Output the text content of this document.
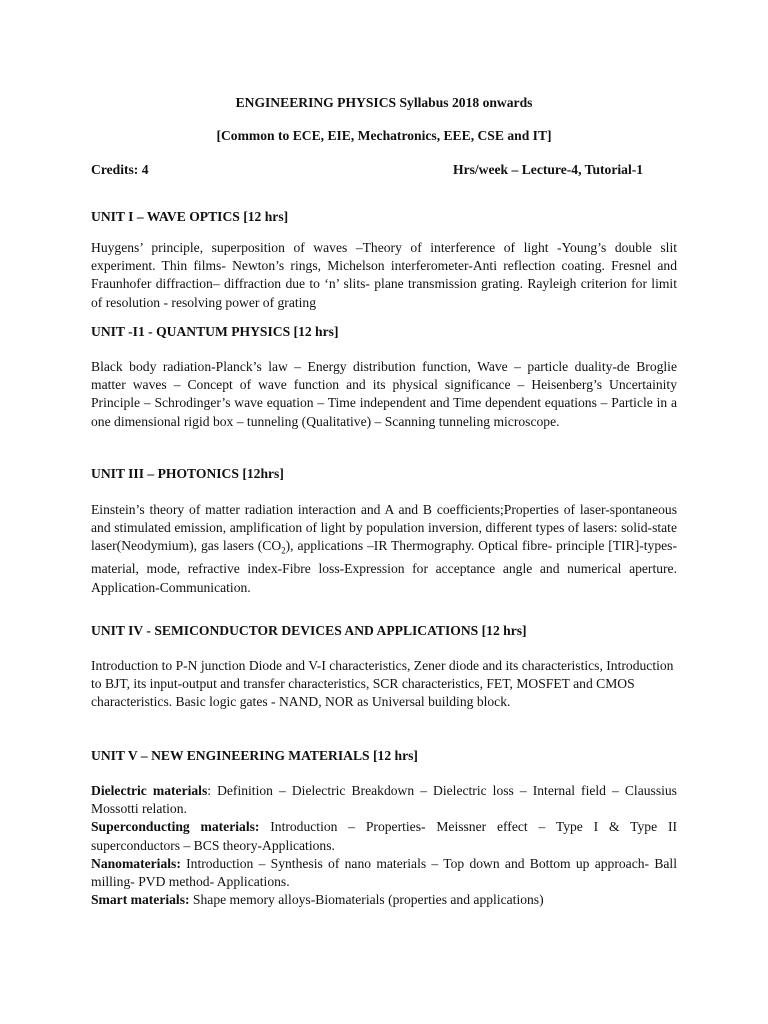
ENGINEERING PHYSICS Syllabus 2018 onwards
[Common to ECE, EIE, Mechatronics, EEE, CSE and IT]
Credits: 4	Hrs/week – Lecture-4, Tutorial-1
UNIT I – WAVE OPTICS [12 hrs]
Huygens’ principle, superposition of waves –Theory of interference of light -Young’s double slit experiment. Thin films- Newton’s rings, Michelson interferometer-Anti reflection coating. Fresnel and Fraunhofer diffraction– diffraction due to ‘n’ slits- plane transmission grating. Rayleigh criterion for limit of resolution - resolving power of grating
UNIT -I1 - QUANTUM PHYSICS [12 hrs]
Black body radiation-Planck’s law – Energy distribution function, Wave – particle duality-de Broglie matter waves – Concept of wave function and its physical significance – Heisenberg’s Uncertainity Principle – Schrodinger’s wave equation – Time independent and Time dependent equations – Particle in a one dimensional rigid box – tunneling (Qualitative) – Scanning tunneling microscope.
UNIT III – PHOTONICS [12hrs]
Einstein’s theory of matter radiation interaction and A and B coefficients;Properties of laser-spontaneous and stimulated emission, amplification of light by population inversion, different types of lasers: solid-state laser(Neodymium), gas lasers $(CO_2)$, applications –IR Thermography. Optical fibre- principle [TIR]-types-material, mode, refractive index-Fibre loss-Expression for acceptance angle and numerical aperture. Application-Communication.
UNIT IV - SEMICONDUCTOR DEVICES AND APPLICATIONS [12 hrs]
Introduction to P-N junction Diode and V-I characteristics, Zener diode and its characteristics, Introduction to BJT, its input-output and transfer characteristics, SCR characteristics, FET, MOSFET and CMOS characteristics. Basic logic gates - NAND, NOR as Universal building block.
UNIT V – NEW ENGINEERING MATERIALS [12 hrs]
Dielectric materials: Definition – Dielectric Breakdown – Dielectric loss – Internal field – Claussius Mossotti relation.
Superconducting materials: Introduction – Properties- Meissner effect – Type I & Type II superconductors – BCS theory-Applications.
Nanomaterials: Introduction – Synthesis of nano materials – Top down and Bottom up approach- Ball milling- PVD method- Applications.
Smart materials: Shape memory alloys-Biomaterials (properties and applications)
